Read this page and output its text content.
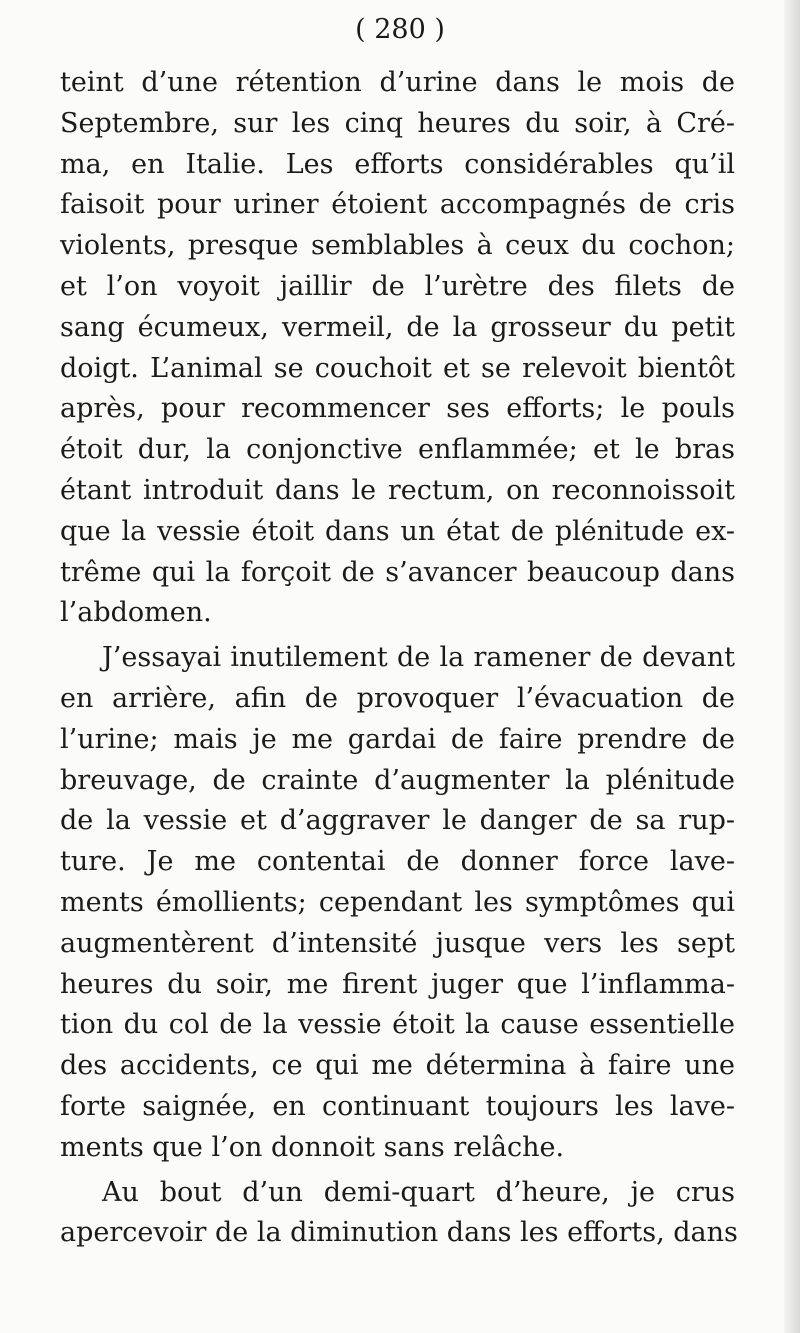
( 280 )

teint d’une rétention d’urine dans le mois de
Septembre, sur les cinq heures du soir, à Cré-
ma, en Italie. Les efforts considérables qu’il
faisoit pour uriner étoient accompagnés de cris
violents, presque semblables à ceux du cochon;
et l’on voyoit jaillir de l’urètre des filets de
sang écumeux, vermeil, de la grosseur du petit
doigt. L’animal se couchoit et se relevoit bientôt
après, pour recommencer ses efforts; le pouls
étoit dur, la conjonctive enflammée; et le bras
étant introduit dans le rectum, on reconnoissoit
que la vessie étoit dans un état de plénitude ex-
trême qui la forçoit de s’avancer beaucoup dans
l’abdomen.
J’essayai inutilement de la ramener de devant
en arrière, afin de provoquer l’évacuation de
l’urine; mais je me gardai de faire prendre de
breuvage, de crainte d’augmenter la plénitude
de la vessie et d’aggraver le danger de sa rup-
ture. Je me contentai de donner force lave-
ments émollients; cependant les symptômes qui
augmentèrent d’intensité jusque vers les sept
heures du soir, me firent juger que l’inflamma-
tion du col de la vessie étoit la cause essentielle
des accidents, ce qui me détermina à faire une
forte saignée, en continuant toujours les lave-
ments que l’on donnoit sans relâche.
Au bout d’un demi-quart d’heure, je crus
apercevoir de la diminution dans les efforts, dans
